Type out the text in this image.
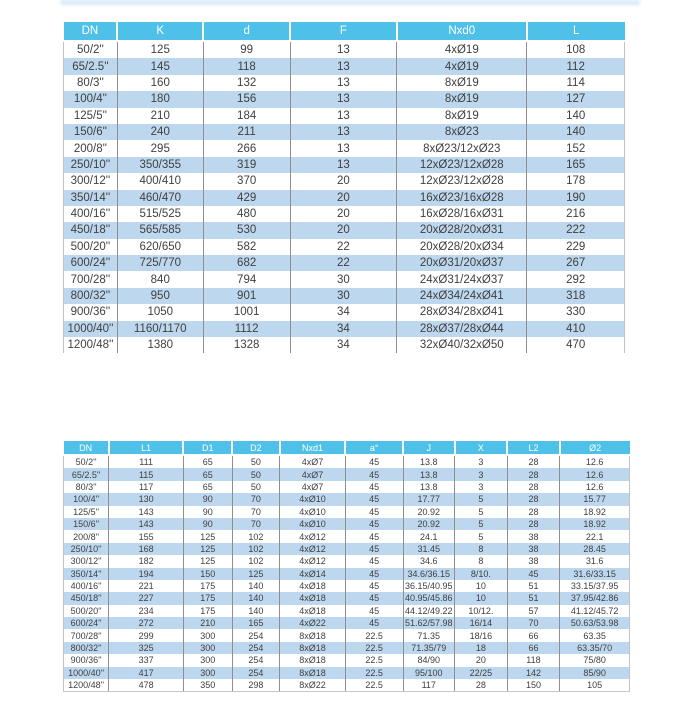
DN	K	d	F	Nxd0	L
50/2''	125	99	13	4xØ19	108
65/2.5''	145	118	13	4xØ19	112
80/3''	160	132	13	8xØ19	114
100/4''	180	156	13	8xØ19	127
125/5''	210	184	13	8xØ19	140
150/6''	240	211	13	8xØ23	140
200/8''	295	266	13	8xØ23/12xØ23	152
250/10''	350/355	319	13	12xØ23/12xØ28	165
300/12''	400/410	370	20	12xØ23/12xØ28	178
350/14''	460/470	429	20	16xØ23/16xØ28	190
400/16''	515/525	480	20	16xØ28/16xØ31	216
450/18''	565/585	530	20	20xØ28/20xØ31	222
500/20''	620/650	582	22	20xØ28/20xØ34	229
600/24''	725/770	682	22	20xØ31/20xØ37	267
700/28''	840	794	30	24xØ31/24xØ37	292
800/32''	950	901	30	24xØ34/24xØ41	318
900/36''	1050	1001	34	28xØ34/28xØ41	330
1000/40''	1160/1170	1112	34	28xØ37/28xØ44	410
1200/48''	1380	1328	34	32xØ40/32xØ50	470
DN	L1	D1	D2	Nxd1	a°	J	X	L2	Ø2
50/2''	111	65	50	4xØ7	45	13.8	3	28	12.6
65/2.5''	115	65	50	4xØ7	45	13.8	3	28	12.6
80/3''	117	65	50	4xØ7	45	13.8	3	28	12.6
100/4''	130	90	70	4xØ10	45	17.77	5	28	15.77
125/5''	143	90	70	4xØ10	45	20.92	5	28	18.92
150/6''	143	90	70	4xØ10	45	20.92	5	28	18.92
200/8''	155	125	102	4xØ12	45	24.1	5	38	22.1
250/10''	168	125	102	4xØ12	45	31.45	8	38	28.45
300/12''	182	125	102	4xØ12	45	34.6	8	38	31.6
350/14''	194	150	125	4xØ14	45	34.6/36.15	8/10.	45	31.6/33.15
400/16''	221	175	140	4xØ18	45	36.15/40.95	10	51	33.15/37.95
450/18''	227	175	140	4xØ18	45	40.95/45.86	10	51	37.95/42.86
500/20''	234	175	140	4xØ18	45	44.12/49.22	10/12.	57	41.12/45.72
600/24''	272	210	165	4xØ22	45	51.62/57.98	16/14	70	50.63/53.98
700/28''	299	300	254	8xØ18	22.5	71.35	18/16	66	63.35
800/32''	325	300	254	8xØ18	22.5	71.35/79	18	66	63.35/70
900/36''	337	300	254	8xØ18	22.5	84/90	20	118	75/80
1000/40''	417	300	254	8xØ18	22.5	95/100	22/25	142	85/90
1200/48''	478	350	298	8xØ22	22.5	117	28	150	105
